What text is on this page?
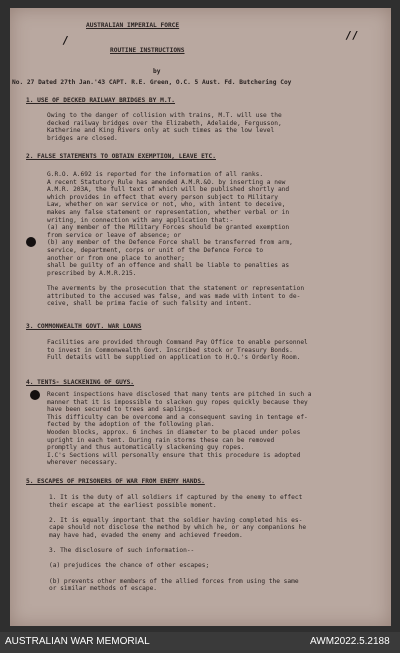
AUSTRALIAN IMPERIAL FORCE
ROUTINE INSTRUCTIONS
by
No. 27 Dated 27th Jan.'43 CAPT. R.E. Green, O.C. 5 Aust. Fd. Butchering Coy
/	//
1. USE OF DECKED RAILWAY BRIDGES BY M.T.
Owing to the danger of collision with trains, M.T. will use the
decked railway bridges over the Elizabeth, Adelaide, Fergusson,
Katherine and King Rivers only at such times as the low level
bridges are closed.
2. FALSE STATEMENTS TO OBTAIN EXEMPTION, LEAVE ETC.
G.R.O. A.692 is reported for the information of all ranks.
A recent Statutory Rule has amended A.M.R.&O. by inserting a new
A.M.R. 203A, the full text of which will be published shortly and
which provides in effect that every person subject to Military
Law, whether on war service or not, who, with intent to deceive,
makes any false statement or representation, whether verbal or in
writing, in connection with any application that:-
(a) any member of the Military Forces should be granted exemption
from service or leave of absence; or
(b) any member of the Defence Force shall be transferred from arm,
service, department, corps or unit of the Defence Force to
another or from one place to another;
shall be guilty of an offence and shall be liable to penalties as
prescribed by A.M.R.215.
The averments by the prosecution that the statement or representation
attributed to the accused was false, and was made with intent to de-
ceive, shall be prima facie of such falsity and intent.
3. COMMONWEALTH GOVT. WAR LOANS
Facilities are provided through Command Pay Office to enable personnel
to invest in Commonwealth Govt. Inscribed stock or Treasury Bonds.
Full details will be supplied on application to H.Q.'s Orderly Room.
4. TENTS- SLACKENING OF GUYS.
Recent inspections have disclosed that many tents are pitched in such a
manner that it is impossible to slacken guy ropes quickly because they
have been secured to trees and saplings.
This difficulty can be overcome and a consequent saving in tentage ef-
fected by the adoption of the following plan.
Wooden blocks, approx. 6 inches in diameter to be placed under poles
upright in each tent. During rain storms these can be removed
promptly and thus automatically slackening guy ropes.
I.C's Sections will personally ensure that this procedure is adopted
wherever necessary.
5. ESCAPES OF PRISONERS OF WAR FROM ENEMY HANDS.
1. It is the duty of all soldiers if captured by the enemy to effect
their escape at the earliest possible moment.
2. It is equally important that the soldier having completed his es-
cape should not disclose the method by which he, or any companions he
may have had, evaded the enemy and achieved freedom.
3. The disclosure of such information--
(a) prejudices the chance of other escapes;
(b) prevents other members of the allied forces from using the same
or similar methods of escape.
AUSTRALIAN WAR MEMORIAL	AWM2022.5.2188
